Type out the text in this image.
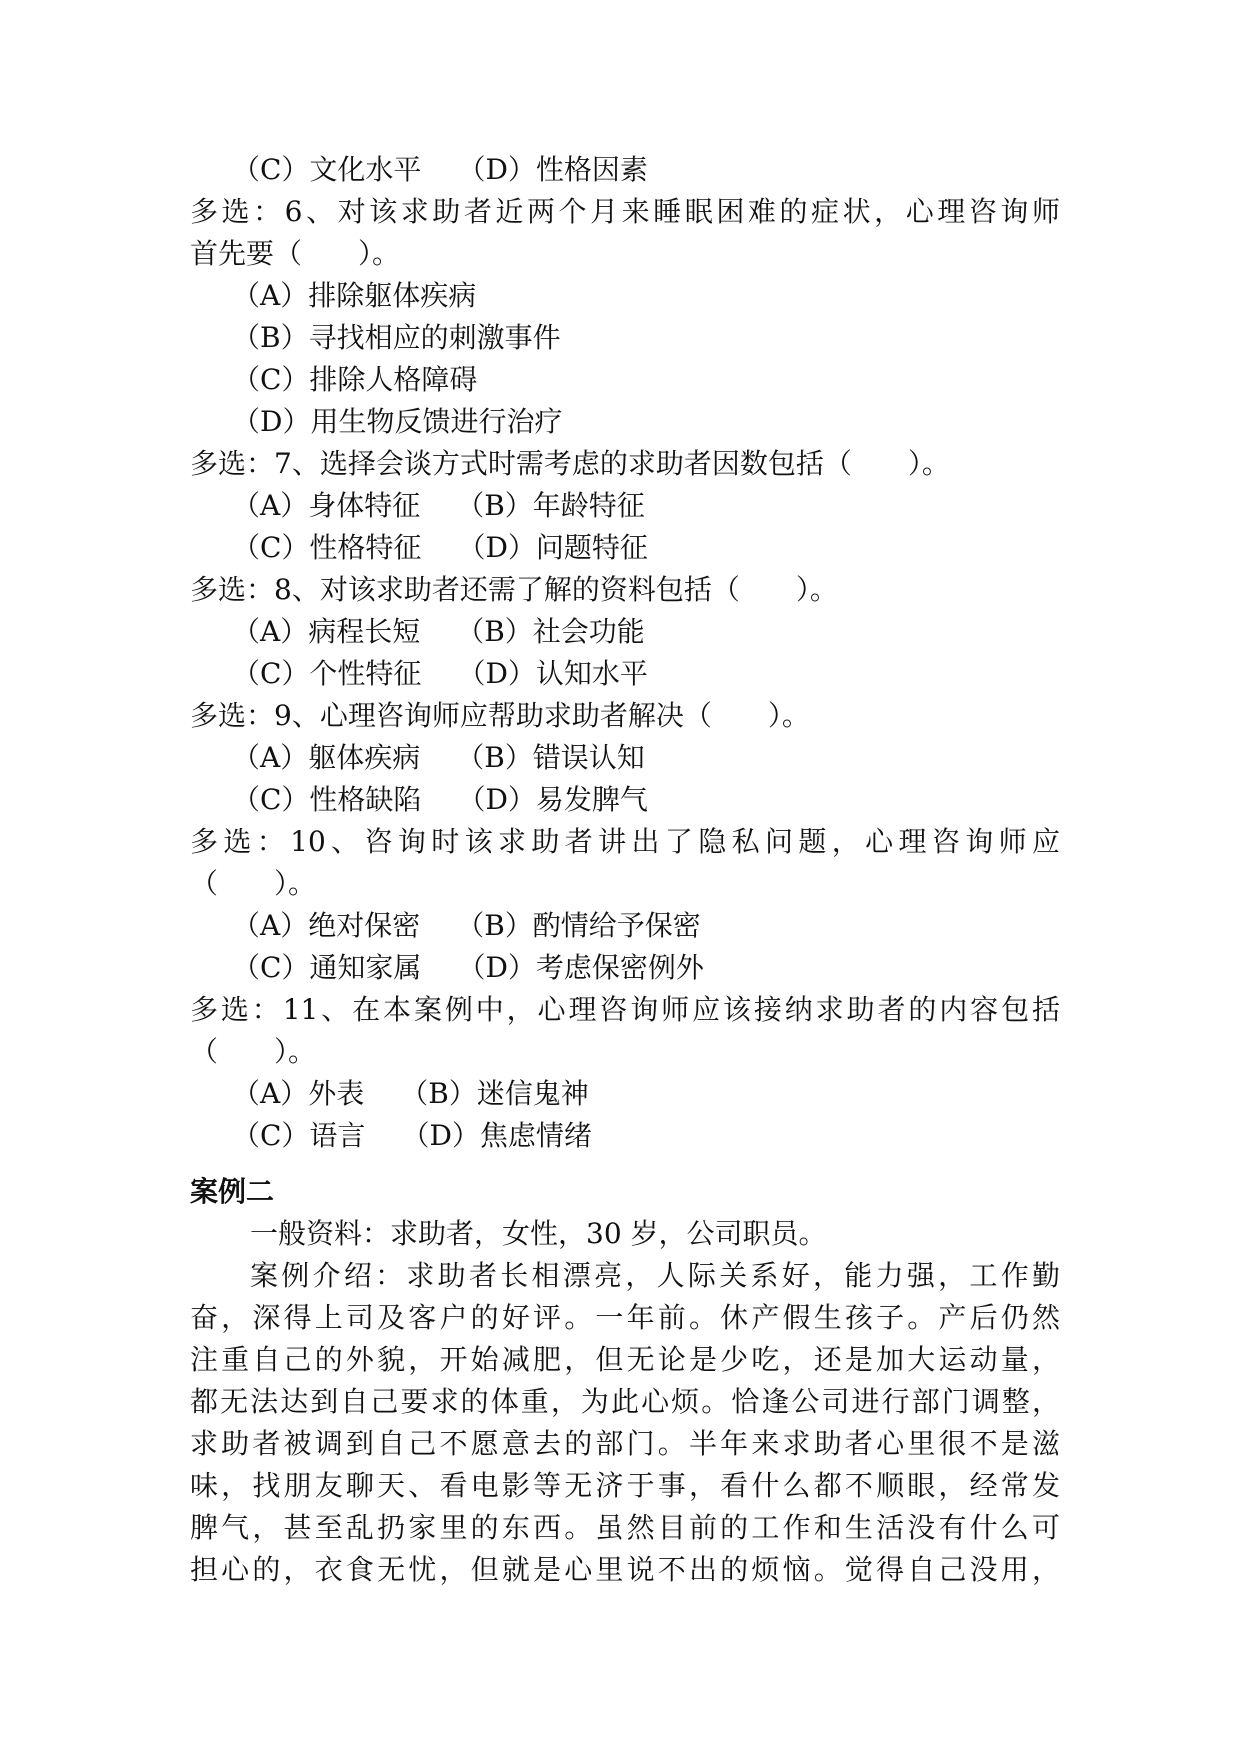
（C）文化水平 （D）性格因素
多选：6、对该求助者近两个月来睡眠困难的症状，心理咨询师
首先要（　　）。
（A）排除躯体疾病
（B）寻找相应的刺激事件
（C）排除人格障碍
（D）用生物反馈进行治疗
多选：7、选择会谈方式时需考虑的求助者因数包括（　　）。
（A）身体特征 （B）年龄特征
（C）性格特征 （D）问题特征
多选：8、对该求助者还需了解的资料包括（　　）。
（A）病程长短 （B）社会功能
（C）个性特征 （D）认知水平
多选：9、心理咨询师应帮助求助者解决（　　）。
（A）躯体疾病 （B）错误认知
（C）性格缺陷 （D）易发脾气
多选：10、咨询时该求助者讲出了隐私问题，心理咨询师应
（　　）。
（A）绝对保密 （B）酌情给予保密
（C）通知家属 （D）考虑保密例外
多选：11、在本案例中，心理咨询师应该接纳求助者的内容包括
（　　）。
（A）外表 （B）迷信鬼神
（C）语言 （D）焦虑情绪
案例二
一般资料：求助者，女性，30 岁，公司职员。
案例介绍：求助者长相漂亮，人际关系好，能力强，工作勤
奋，深得上司及客户的好评。一年前。休产假生孩子。产后仍然
注重自己的外貌，开始减肥，但无论是少吃，还是加大运动量，
都无法达到自己要求的体重，为此心烦。恰逢公司进行部门调整，
求助者被调到自己不愿意去的部门。半年来求助者心里很不是滋
味，找朋友聊天、看电影等无济于事，看什么都不顺眼，经常发
脾气，甚至乱扔家里的东西。虽然目前的工作和生活没有什么可
担心的，衣食无忧，但就是心里说不出的烦恼。觉得自己没用，
